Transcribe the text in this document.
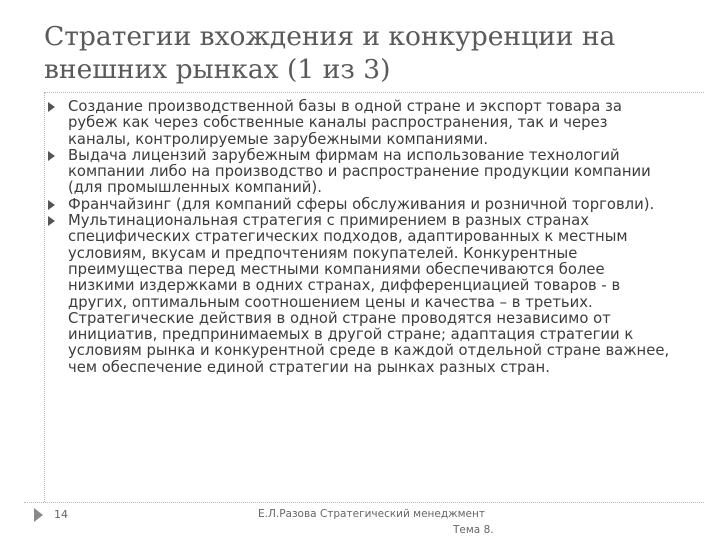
Стратегии вхождения и конкуренции на внешних рынках (1 из 3)
Создание производственной базы в одной стране и экспорт товара за рубеж как через собственные каналы распространения, так и через каналы, контролируемые зарубежными компаниями.
Выдача лицензий зарубежным фирмам на использование технологий компании либо на производство и распространение продукции компании (для промышленных компаний).
Франчайзинг (для компаний сферы обслуживания и розничной торговли).
Мультинациональная стратегия с примирением в разных странах специфических стратегических подходов, адаптированных к местным условиям, вкусам и предпочтениям покупателей. Конкурентные преимущества перед местными компаниями обеспечиваются более низкими издержками в одних странах, дифференциацией товаров - в других, оптимальным соотношением цены и качества – в третьих. Стратегические действия в одной стране проводятся независимо от инициатив, предпринимаемых в другой стране; адаптация стратегии к условиям рынка и конкурентной среде в каждой отдельной стране важнее, чем обеспечение единой стратегии на рынках разных стран.
14	Е.Л.Разова Стратегический менеджмент
Тема 8.
